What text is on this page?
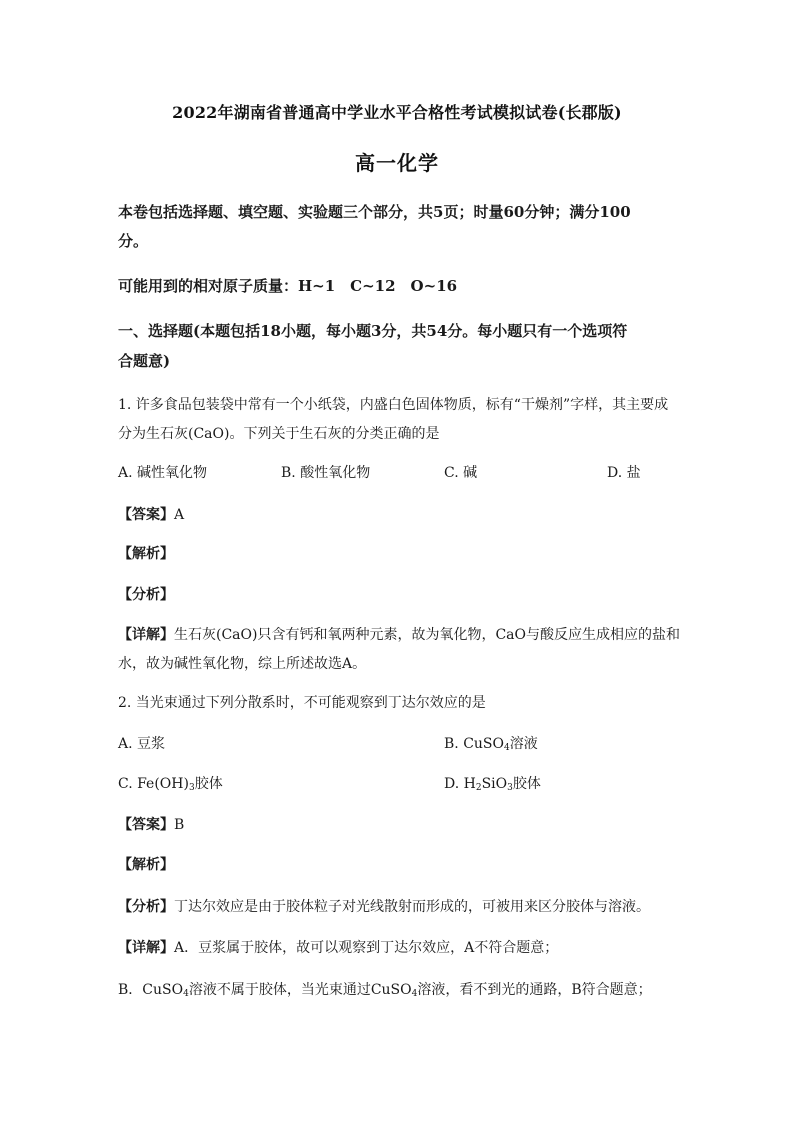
2022年湖南省普通高中学业水平合格性考试模拟试卷(长郡版)
高一化学
本卷包括选择题、填空题、实验题三个部分，共5页；时量60分钟；满分100
分。
可能用到的相对原子质量：H~1　C~12　O~16
一、选择题(本题包括18小题，每小题3分，共54分。每小题只有一个选项符
合题意)
1. 许多食品包装袋中常有一个小纸袋，内盛白色固体物质，标有“干燥剂”字样，其主要成
分为生石灰(CaO)。下列关于生石灰的分类正确的是
A. 碱性氧化物	B. 酸性氧化物	C. 碱	D. 盐
【答案】A
【解析】
【分析】
【详解】生石灰(CaO)只含有钙和氧两种元素，故为氧化物，CaO与酸反应生成相应的盐和
水，故为碱性氧化物，综上所述故选A。
2. 当光束通过下列分散系时，不可能观察到丁达尔效应的是
A. 豆浆	B. CuSO$_4$溶液
C. $Fe(OH)_3$胶体	D. $H_2SiO_3$胶体
【答案】B
【解析】
【分析】丁达尔效应是由于胶体粒子对光线散射而形成的，可被用来区分胶体与溶液。
【详解】A．豆浆属于胶体，故可以观察到丁达尔效应，A不符合题意；
B．CuSO$_4$溶液不属于胶体，当光束通过CuSO$_4$溶液，看不到光的通路，B符合题意；
